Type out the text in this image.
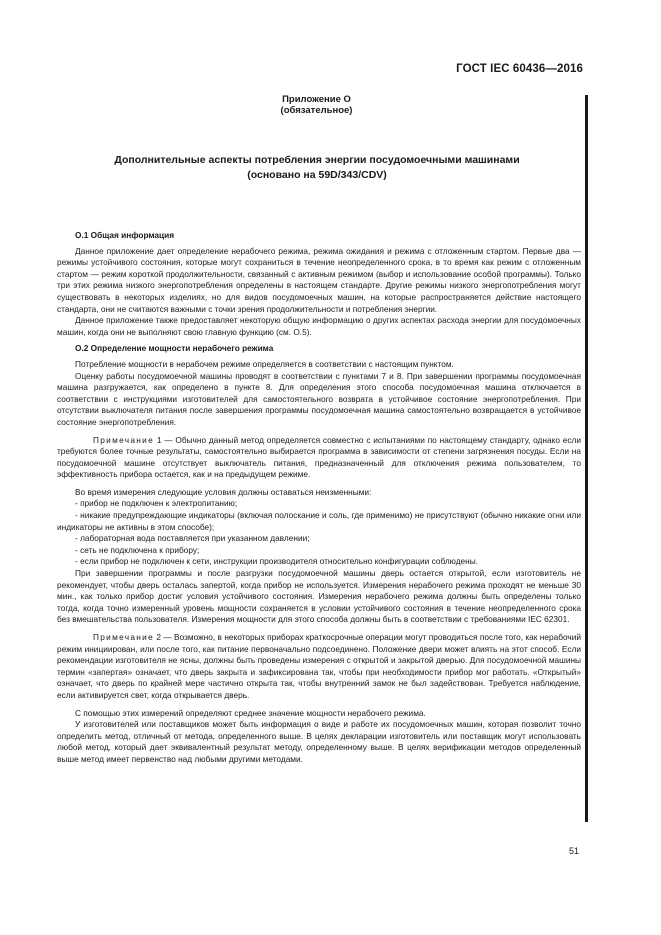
ГОСТ IEC 60436—2016
Приложение О
(обязательное)
Дополнительные аспекты потребления энергии посудомоечными машинами
(основано на 59D/343/CDV)

О.1 Общая информация

Данное приложение дает определение нерабочего режима, режима ожидания и режима с отложенным стартом. Первые два — режимы устойчивого состояния, которые могут сохраниться в течение неопределенного срока, в то время как режим с отложенным стартом — режим короткой продолжительности, связанный с активным режимом (выбор и использование особой программы). Только три этих режима низкого энергопотребления определены в настоящем стандарте. Другие режимы низкого энергопотребления могут существовать в некоторых изделиях, но для видов посудомоечных машин, на которые распространяется действие настоящего стандарта, они не считаются важными с точки зрения продолжительности и потребления энергии.

Данное приложение также предоставляет некоторую общую информацию о других аспектах расхода энергии для посудомоечных машин, когда они не выполняют свою главную функцию (см. О.5).

О.2 Определение мощности нерабочего режима

Потребление мощности в нерабочем режиме определяется в соответствии с настоящим пунктом.

Оценку работы посудомоечной машины проводят в соответствии с пунктами 7 и 8. При завершении программы посудомоечная машина разгружается, как определено в пункте 8. Для определения этого способа посудомоечная машина отключается в соответствии с инструкциями изготовителей для самостоятельного возврата в устойчивое состояние энергопотребления. При отсутствии выключателя питания после завершения программы посудомоечная машина самостоятельно возвращается в устойчивое состояние энергопотребления.

Примечание 1 — Обычно данный метод определяется совместно с испытаниями по настоящему стандарту, однако если требуются более точные результаты, самостоятельно выбирается программа в зависимости от степени загрязнения посуды. Если на посудомоечной машине отсутствует выключатель питания, предназначенный для отключения режима пользователем, то эффективность прибора остается, как и на предыдущем режиме.

Во время измерения следующие условия должны оставаться неизменными:

- прибор не подключен к электропитанию;

- никакие предупреждающие индикаторы (включая полоскание и соль, где применимо) не присутствуют (обычно никакие огни или индикаторы не активны в этом способе);

- лабораторная вода поставляется при указанном давлении;

- сеть не подключена к прибору;

- если прибор не подключен к сети, инструкции производителя относительно конфигурации соблюдены.

При завершении программы и после разгрузки посудомоечной машины дверь остается открытой, если изготовитель не рекомендует, чтобы дверь осталась запертой, когда прибор не используется. Измерения нерабочего режима проходят не меньше 30 мин., как только прибор достиг условия устойчивого состояния. Измерения нерабочего режима должны быть определены только тогда, когда точно измеренный уровень мощности сохраняется в условии устойчивого состояния в течение неопределенного срока без вмешательства пользователя. Измерения мощности для этого способа должны быть в соответствии с требованиями IEC 62301.

Примечание 2 — Возможно, в некоторых приборах краткосрочные операции могут проводиться после того, как нерабочий режим инициирован, или после того, как питание первоначально подсоединено. Положение двери может влиять на этот способ. Если рекомендации изготовителя не ясны, должны быть проведены измерения с открытой и закрытой дверью. Для посудомоечной машины термин «запертая» означает, что дверь закрыта и зафиксирована так, чтобы при необходимости прибор мог работать. «Открытый» означает, что дверь по крайней мере частично открыта так, чтобы внутренний замок не был задействован. Требуется наблюдение, если активируется свет, когда открывается дверь.

С помощью этих измерений определяют среднее значение мощности нерабочего режима.

У изготовителей или поставщиков может быть информация о виде и работе их посудомоечных машин, которая позволит точно определить метод, отличный от метода, определенного выше. В целях декларации изготовитель или поставщик могут использовать любой метод, который дает эквивалентный результат методу, определенному выше. В целях верификации методов определенный выше метод имеет первенство над любыми другими методами.

51
